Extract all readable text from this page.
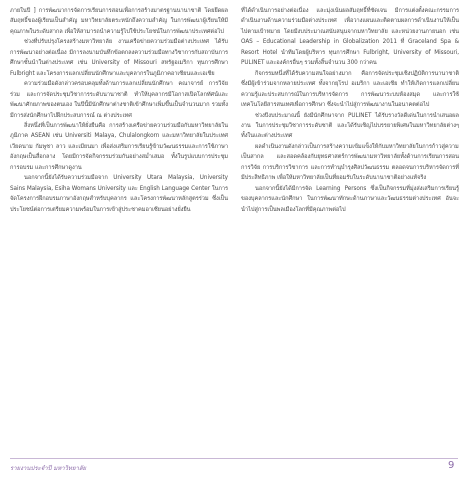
ภายในปี ] การพัฒนาการจัดการเรียนการสอนเพื่อการสร้างมาตรฐานนานาชาติ โดยยึดผลสัมฤทธิ์ของผู้เรียนเป็นสำคัญ มหาวิทยาลัยตระหนักถึงความสำคัญ ในการพัฒนาผู้เรียนให้มีคุณภาพในระดับสากล เพื่อให้สามารถนำความรู้ไปใช้ประโยชน์ในการพัฒนาประเทศต่อไป

ช่วงที่ปรับปรุงโครงสร้างมหาวิทยาลัย งานเครือข่ายความร่วมมือต่างประเทศ ได้รับการพัฒนาอย่างต่อเนื่อง มีการลงนามบันทึกข้อตกลงความร่วมมือทางวิชาการกับสถาบันการศึกษาชั้นนำในต่างประเทศ เช่น University of Missouri สหรัฐอเมริกา ทุนการศึกษา Fulbright และโครงการแลกเปลี่ยนนักศึกษาและบุคลากรในภูมิภาคอาเซียนและเอเชีย

ความร่วมมือดังกล่าวครอบคลุมทั้งด้านการแลกเปลี่ยนนักศึกษา คณาจารย์ การวิจัยร่วม และการจัดประชุมวิชาการระดับนานาชาติ ทำให้บุคลากรมีโอกาสเปิดโลกทัศน์และพัฒนาศักยภาพของตนเอง ในปีนี้มีนักศึกษาต่างชาติเข้าศึกษาเพิ่มขึ้นเป็นจำนวนมาก รวมทั้งมีการส่งนักศึกษาไปฝึกประสบการณ์ ณ ต่างประเทศ

สิ่งหนึ่งที่เป็นการพัฒนาให้ยั่งยืนคือ การสร้างเครือข่ายความร่วมมือกับมหาวิทยาลัยในภูมิภาค ASEAN เช่น Universiti Malaya, Chulalongkorn และมหาวิทยาลัยในประเทศเวียดนาม กัมพูชา ลาว และเมียนมา เพื่อส่งเสริมการเรียนรู้ข้ามวัฒนธรรมและการใช้ภาษาอังกฤษเป็นสื่อกลาง โดยมีการจัดกิจกรรมร่วมกันอย่างสม่ำเสมอ ทั้งในรูปแบบการประชุม การอบรม และการศึกษาดูงาน

นอกจากนี้ยังได้รับความร่วมมือจาก University Utara Malaysia, University Sains Malaysia, Esiha Womans University และ English Language Center ในการจัดโครงการฝึกอบรมภาษาอังกฤษสำหรับบุคลากร และโครงการพัฒนาหลักสูตรร่วม ซึ่งเป็นประโยชน์ต่อการเตรียมความพร้อมในการเข้าสู่ประชาคมอาเซียนอย่างยั่งยืน

ที่ได้ดำเนินการอย่างต่อเนื่อง และมุ่งเน้นผลสัมฤทธิ์ที่ชัดเจน มีการแต่งตั้งคณะกรรมการดำเนินงานด้านความร่วมมือต่างประเทศ เพื่อวางแผนและติดตามผลการดำเนินงานให้เป็นไปตามเป้าหมาย โดยมีงบประมาณสนับสนุนจากมหาวิทยาลัย และหน่วยงานภายนอก เช่น OAS – Educational Leadership in Globalization 2011 ที่ Graceland Spa & Resort Hotel นำทีมโดยผู้บริหาร ทุนการศึกษา Fulbright, University of Missouri, PULINET และองค์กรอื่นๆ รวมทั้งสิ้นจำนวน 300 กว่าคน

กิจกรรมหนึ่งที่ได้รับความสนใจอย่างมาก คือการจัดประชุมเชิงปฏิบัติการนานาชาติ ซึ่งมีผู้เข้าร่วมจากหลายประเทศ ทั้งจากยุโรป อเมริกา และเอเชีย ทำให้เกิดการแลกเปลี่ยนความรู้และประสบการณ์ในการบริหารจัดการ การพัฒนาระบบห้องสมุด และการใช้เทคโนโลยีสารสนเทศเพื่อการศึกษา ซึ่งจะนำไปสู่การพัฒนางานในอนาคตต่อไป

ช่วงปีงบประมาณนี้ ยังมีนักศึกษาจาก PULINET ได้รับรางวัลดีเด่นในการนำเสนอผลงาน ในการประชุมวิชาการระดับชาติ และได้รับเชิญไปบรรยายพิเศษในมหาวิทยาลัยต่างๆ ทั้งในและต่างประเทศ

ผลดำเนินงานดังกล่าวเป็นการสร้างความเข้มแข็งให้กับมหาวิทยาลัยในการก้าวสู่ความเป็นสากล และสอดคล้องกับยุทธศาสตร์การพัฒนามหาวิทยาลัยทั้งด้านการเรียนการสอน การวิจัย การบริการวิชาการ และการทำนุบำรุงศิลปวัฒนธรรม ตลอดจนการบริหารจัดการที่มีประสิทธิภาพ เพื่อให้มหาวิทยาลัยเป็นที่ยอมรับในระดับนานาชาติอย่างแท้จริง

นอกจากนี้ยังได้มีการจัด Learning Persons ซึ่งเป็นกิจกรรมที่มุ่งส่งเสริมการเรียนรู้ของบุคลากรและนักศึกษา ในการพัฒนาทักษะด้านภาษาและวัฒนธรรมต่างประเทศ อันจะนำไปสู่การเป็นพลเมืองโลกที่มีคุณภาพต่อไป

รายงานประจำปี มหาวิทยาลัย	9
